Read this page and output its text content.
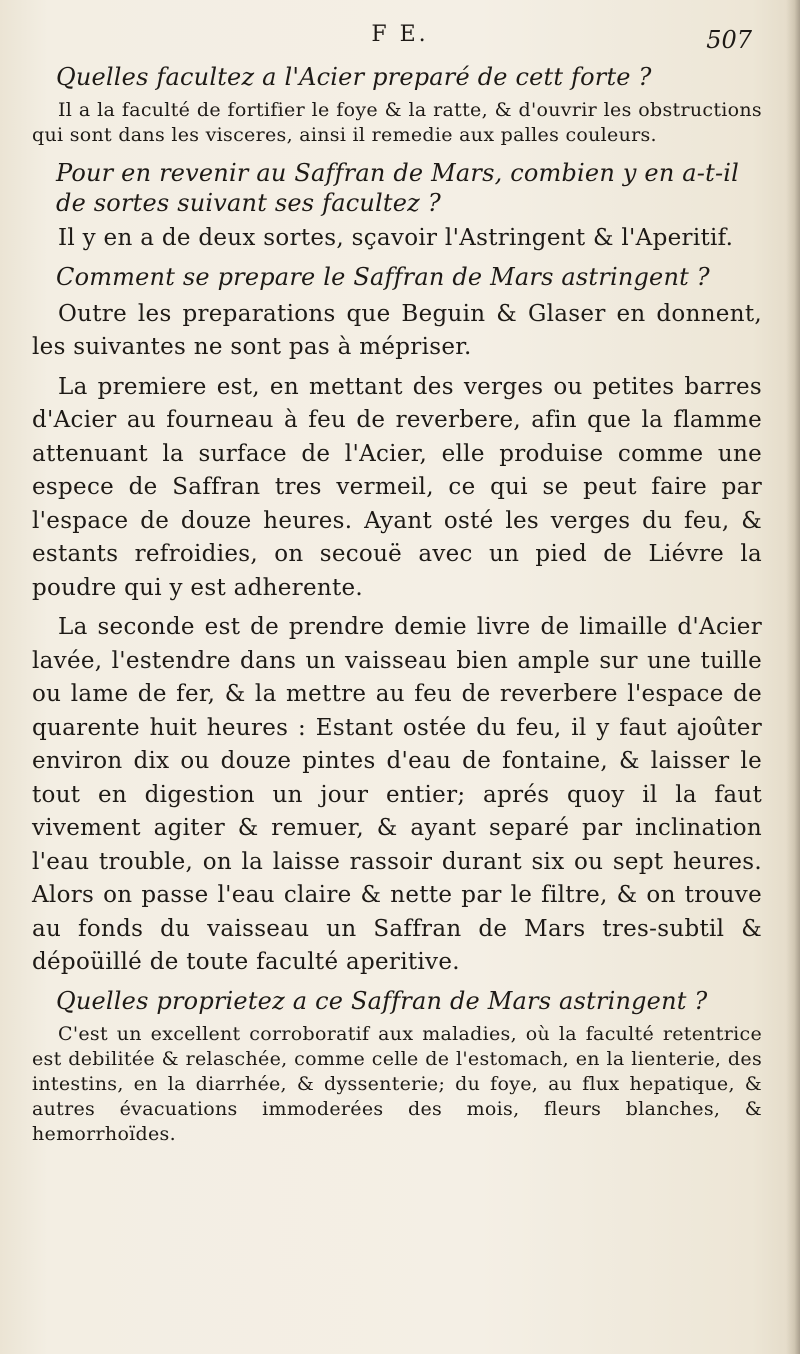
F E.	507
Quelles facultez a l'Acier preparé de cett forte ?

Il a la faculté de fortifier le foye & la ratte, & d'ouvrir les obstructions qui sont dans les visceres, ainsi il remedie aux palles couleurs.

Pour en revenir au Saffran de Mars, combien y en a-t-il de sortes suivant ses facultez ?

Il y en a de deux sortes, sçavoir l'Astringent & l'Aperitif.

Comment se prepare le Saffran de Mars astringent ?

Outre les preparations que Beguin & Glaser en donnent, les suivantes ne sont pas à mépriser.

La premiere est, en mettant des verges ou petites barres d'Acier au fourneau à feu de reverbere, afin que la flamme attenuant la surface de l'Acier, elle produise comme une espece de Saffran tres vermeil, ce qui se peut faire par l'espace de douze heures. Ayant osté les verges du feu, & estants refroidies, on secouë avec un pied de Liévre la poudre qui y est adherente.

La seconde est de prendre demie livre de limaille d'Acier lavée, l'estendre dans un vaisseau bien ample sur une tuille ou lame de fer, & la mettre au feu de reverbere l'espace de quarente huit heures : Estant ostée du feu, il y faut ajoûter environ dix ou douze pintes d'eau de fontaine, & laisser le tout en digestion un jour entier; aprés quoy il la faut vivement agiter & remuer, & ayant separé par inclination l'eau trouble, on la laisse rassoir durant six ou sept heures. Alors on passe l'eau claire & nette par le filtre, & on trouve au fonds du vaisseau un Saffran de Mars tres-subtil & dépoüillé de toute faculté aperitive.

Quelles proprietez a ce Saffran de Mars astringent ?

C'est un excellent corroboratif aux maladies, où la faculté retentrice est debilitée & relaschée, comme celle de l'estomach, en la lienterie, des intestins, en la diarrhée, & dyssenterie; du foye, au flux hepatique, & autres évacuations immoderées des mois, fleurs blanches, & hemorrhoïdes.
